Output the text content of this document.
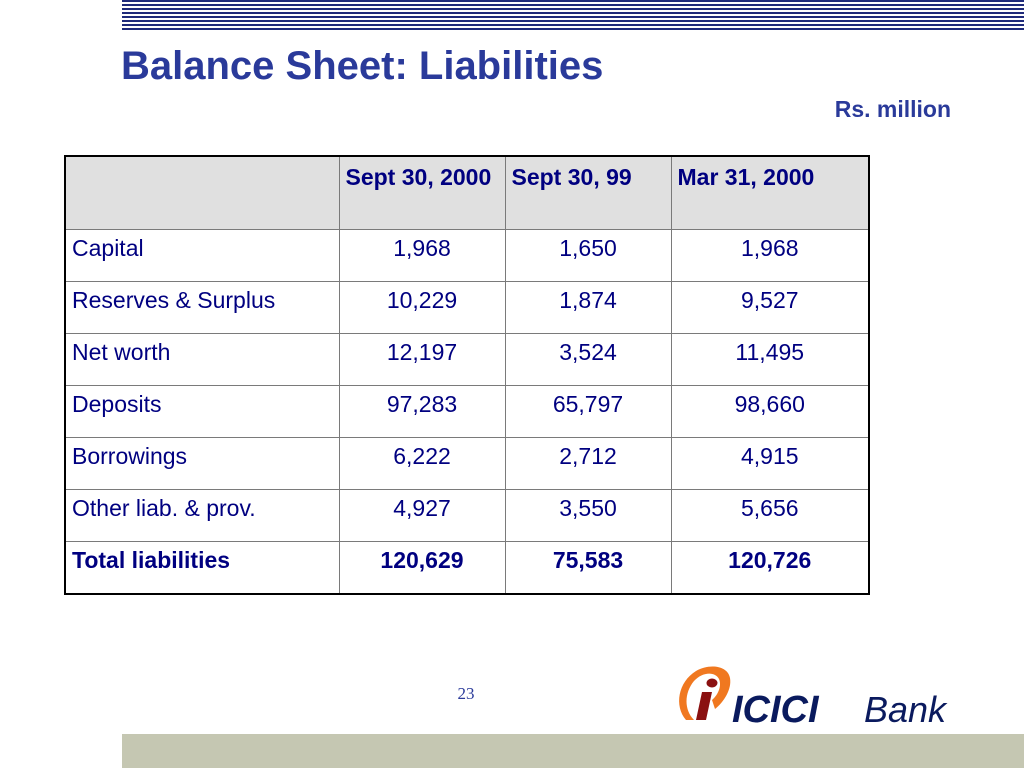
Balance Sheet: Liabilities
Rs. million
	Sept 30, 2000	Sept 30, 99	Mar 31, 2000
Capital	1,968	1,650	1,968
Reserves & Surplus	10,229	1,874	9,527
Net worth	12,197	3,524	11,495
Deposits	97,283	65,797	98,660
Borrowings	6,222	2,712	4,915
Other liab. & prov.	4,927	3,550	5,656
Total liabilities	120,629	75,583	120,726
23	ICICI Bank
